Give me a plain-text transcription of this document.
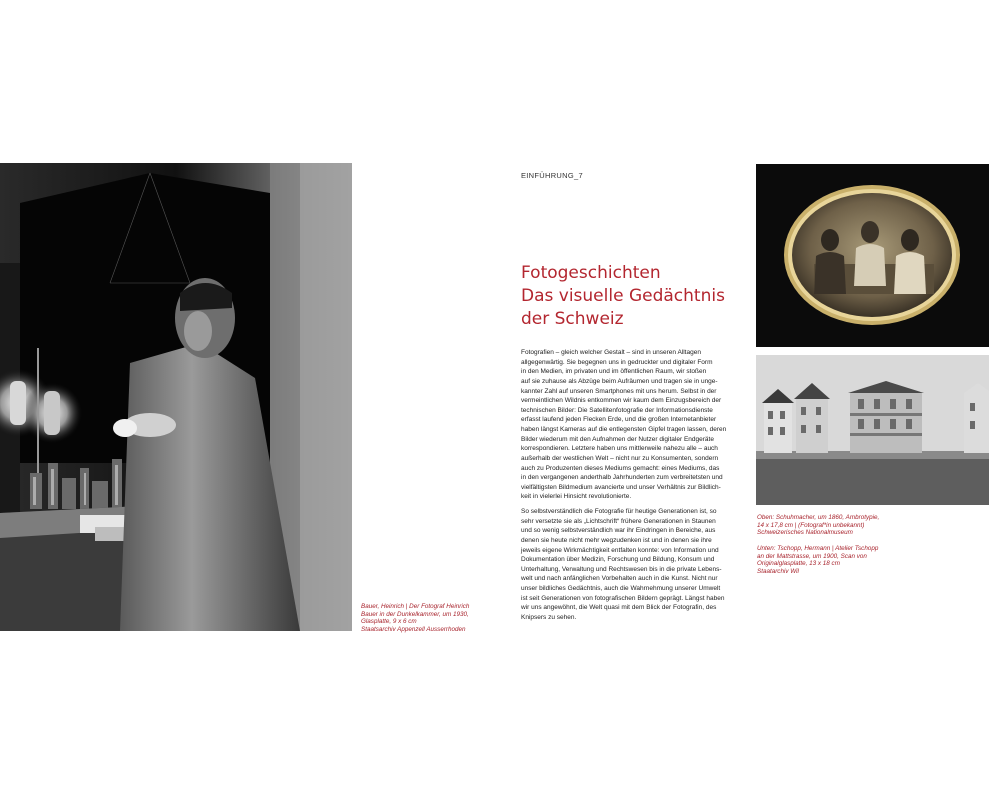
Bauer, Heinrich | Der Fotograf Heinrich
Bauer in der Dunkelkammer, um 1930,
Glasplatte, 9 x 6 cm
Staatsarchiv Appenzell Ausserrhoden
EINFÜHRUNG_7
Fotogeschichten
Das visuelle Gedächtnis
der Schweiz

Fotografien – gleich welcher Gestalt – sind in unseren Alltagen
allgegenwärtig. Sie begegnen uns in gedruckter und digitaler Form
in den Medien, im privaten und im öffentlichen Raum, wir stoßen
auf sie zuhause als Abzüge beim Aufräumen und tragen sie in unge-
kannter Zahl auf unseren Smartphones mit uns herum. Selbst in der
vermeintlichen Wildnis entkommen wir kaum dem Einzugsbereich der
technischen Bilder: Die Satellitenfotografie der Informationsdienste
erfasst laufend jeden Flecken Erde, und die großen Internetanbieter
haben längst Kameras auf die entlegensten Gipfel tragen lassen, deren
Bilder wiederum mit den Aufnahmen der Nutzer digitaler Endgeräte
korrespondieren. Letztere haben uns mittlerweile nahezu alle – auch
außerhalb der westlichen Welt – nicht nur zu Konsumenten, sondern
auch zu Produzenten dieses Mediums gemacht: eines Mediums, das
in den vergangenen anderthalb Jahrhunderten zum verbreitetsten und
vielfältigsten Bildmedium avancierte und unser Verhältnis zur Bildlich-
keit in vielerlei Hinsicht revolutionierte.

So selbstverständlich die Fotografie für heutige Generationen ist, so
sehr versetzte sie als „Lichtschrift“ frühere Generationen in Staunen
und so wenig selbstverständlich war ihr Eindringen in Bereiche, aus
denen sie heute nicht mehr wegzudenken ist und in denen sie ihre
jeweils eigene Wirkmächtigkeit entfalten konnte: von Information und
Dokumentation über Medizin, Forschung und Bildung, Konsum und
Unterhaltung, Verwaltung und Rechtswesen bis in die private Lebens-
welt und nach anfänglichen Vorbehalten auch in die Kunst. Nicht nur
unser bildliches Gedächtnis, auch die Wahrnehmung unserer Umwelt
ist seit Generationen von fotografischen Bildern geprägt. Längst haben
wir uns angewöhnt, die Welt quasi mit dem Blick der Fotografin, des
Knipsers zu sehen.

Oben: Schuhmacher, um 1860, Ambrotypie,
14 x 17,8 cm | (Fotograf*in unbekannt)
Schweizerisches Nationalmuseum
Unten: Tschopp, Hermann | Atelier Tschopp
an der Mattstrasse, um 1900, Scan von
Originalglasplatte, 13 x 18 cm
Staatarchiv Wil
